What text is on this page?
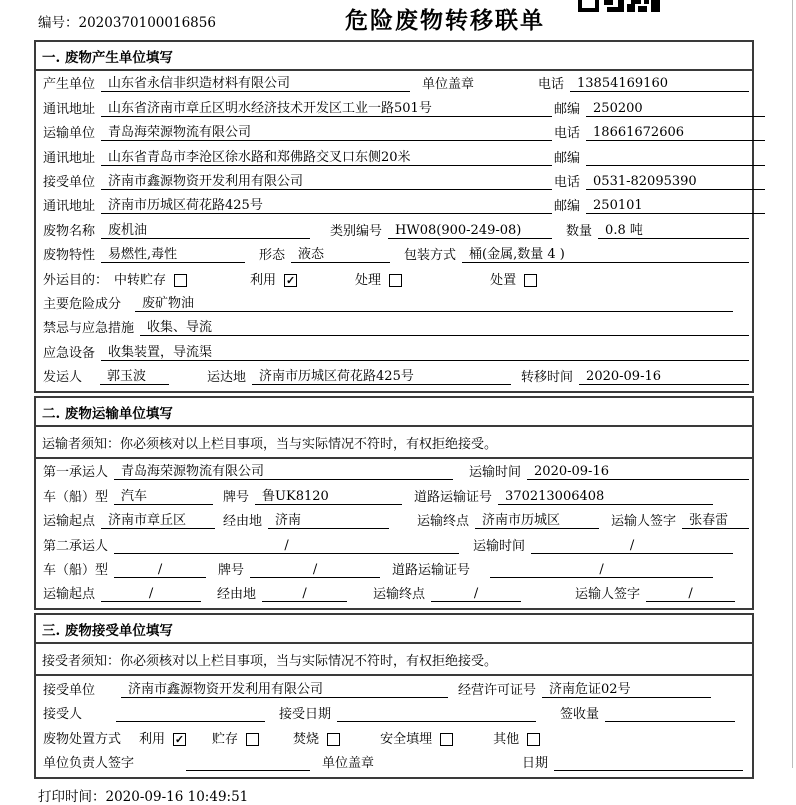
编号：2020370100016856	危险废物转移联单
一. 废物产生单位填写
产生单位	山东省永信非织造材料有限公司	单位盖章	电话	13854169160
通讯地址	山东省济南市章丘区明水经济技术开发区工业一路501号	邮编	250200
运输单位	青岛海荣源物流有限公司	电话	18661672606
通讯地址	山东省青岛市李沧区徐水路和郑佛路交叉口东侧20米	邮编
接受单位	济南市鑫源物资开发利用有限公司	电话	0531-82095390
通讯地址	济南市历城区荷花路425号	邮编	250101
废物名称	废机油	类别编号	HW08(900-249-08)	数量	0.8 吨
废物特性	易燃性,毒性	形态	液态	包装方式	桶(金属,数量 4 )
外运目的： 中转贮存	利用 ✓	处理	处置
主要危险成分	废矿物油
禁忌与应急措施	收集、导流
应急设备	收集装置，导流渠
发运人	郭玉波	运达地	济南市历城区荷花路425号	转移时间	2020-09-16
二. 废物运输单位填写
运输者须知：你必须核对以上栏目事项，当与实际情况不符时，有权拒绝接受。
第一承运人	青岛海荣源物流有限公司	运输时间	2020-09-16
车（船）型	汽车	牌号	鲁UK8120	道路运输证号	370213006408
运输起点	济南市章丘区	经由地	济南	运输终点	济南市历城区	运输人签字	张春雷
第二承运人	/	运输时间	/
车（船）型	/	牌号	/	道路运输证号	/
运输起点	/	经由地	/	运输终点	/	运输人签字	/
三. 废物接受单位填写
接受者须知：你必须核对以上栏目事项，当与实际情况不符时，有权拒绝接受。
接受单位	济南市鑫源物资开发利用有限公司	经营许可证号	济南危证02号
接受人	接受日期	签收量
废物处置方式	利用 ✓ 贮存	焚烧	安全填埋	其他
单位负责人签字	单位盖章	日期
打印时间：2020-09-16 10:49:51
